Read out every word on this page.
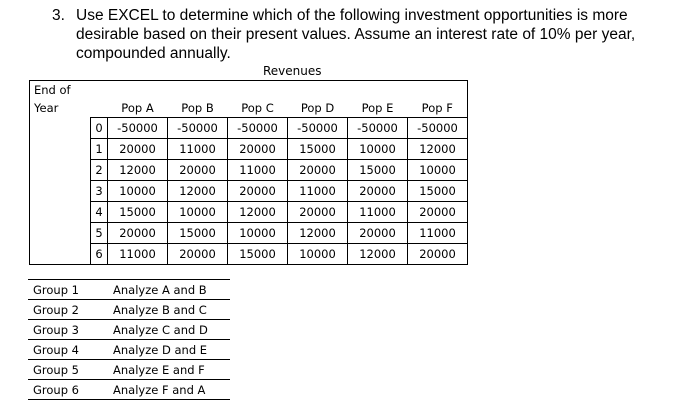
3. Use EXCEL to determine which of the following investment opportunities is more
desirable based on their present values. Assume an interest rate of 10% per year,
compounded annually.
Revenues
End of							
Year		Pop A	Pop B	Pop C	Pop D	Pop E	Pop F
	0	-50000	-50000	-50000	-50000	-50000	-50000
	1	20000	11000	20000	15000	10000	12000
	2	12000	20000	11000	20000	15000	10000
	3	10000	12000	20000	11000	20000	15000
	4	15000	10000	12000	20000	11000	20000
	5	20000	15000	10000	12000	20000	11000
	6	11000	20000	15000	10000	12000	20000
Group 1	Analyze A and B
Group 2	Analyze B and C
Group 3	Analyze C and D
Group 4	Analyze D and E
Group 5	Analyze E and F
Group 6	Analyze F and A
